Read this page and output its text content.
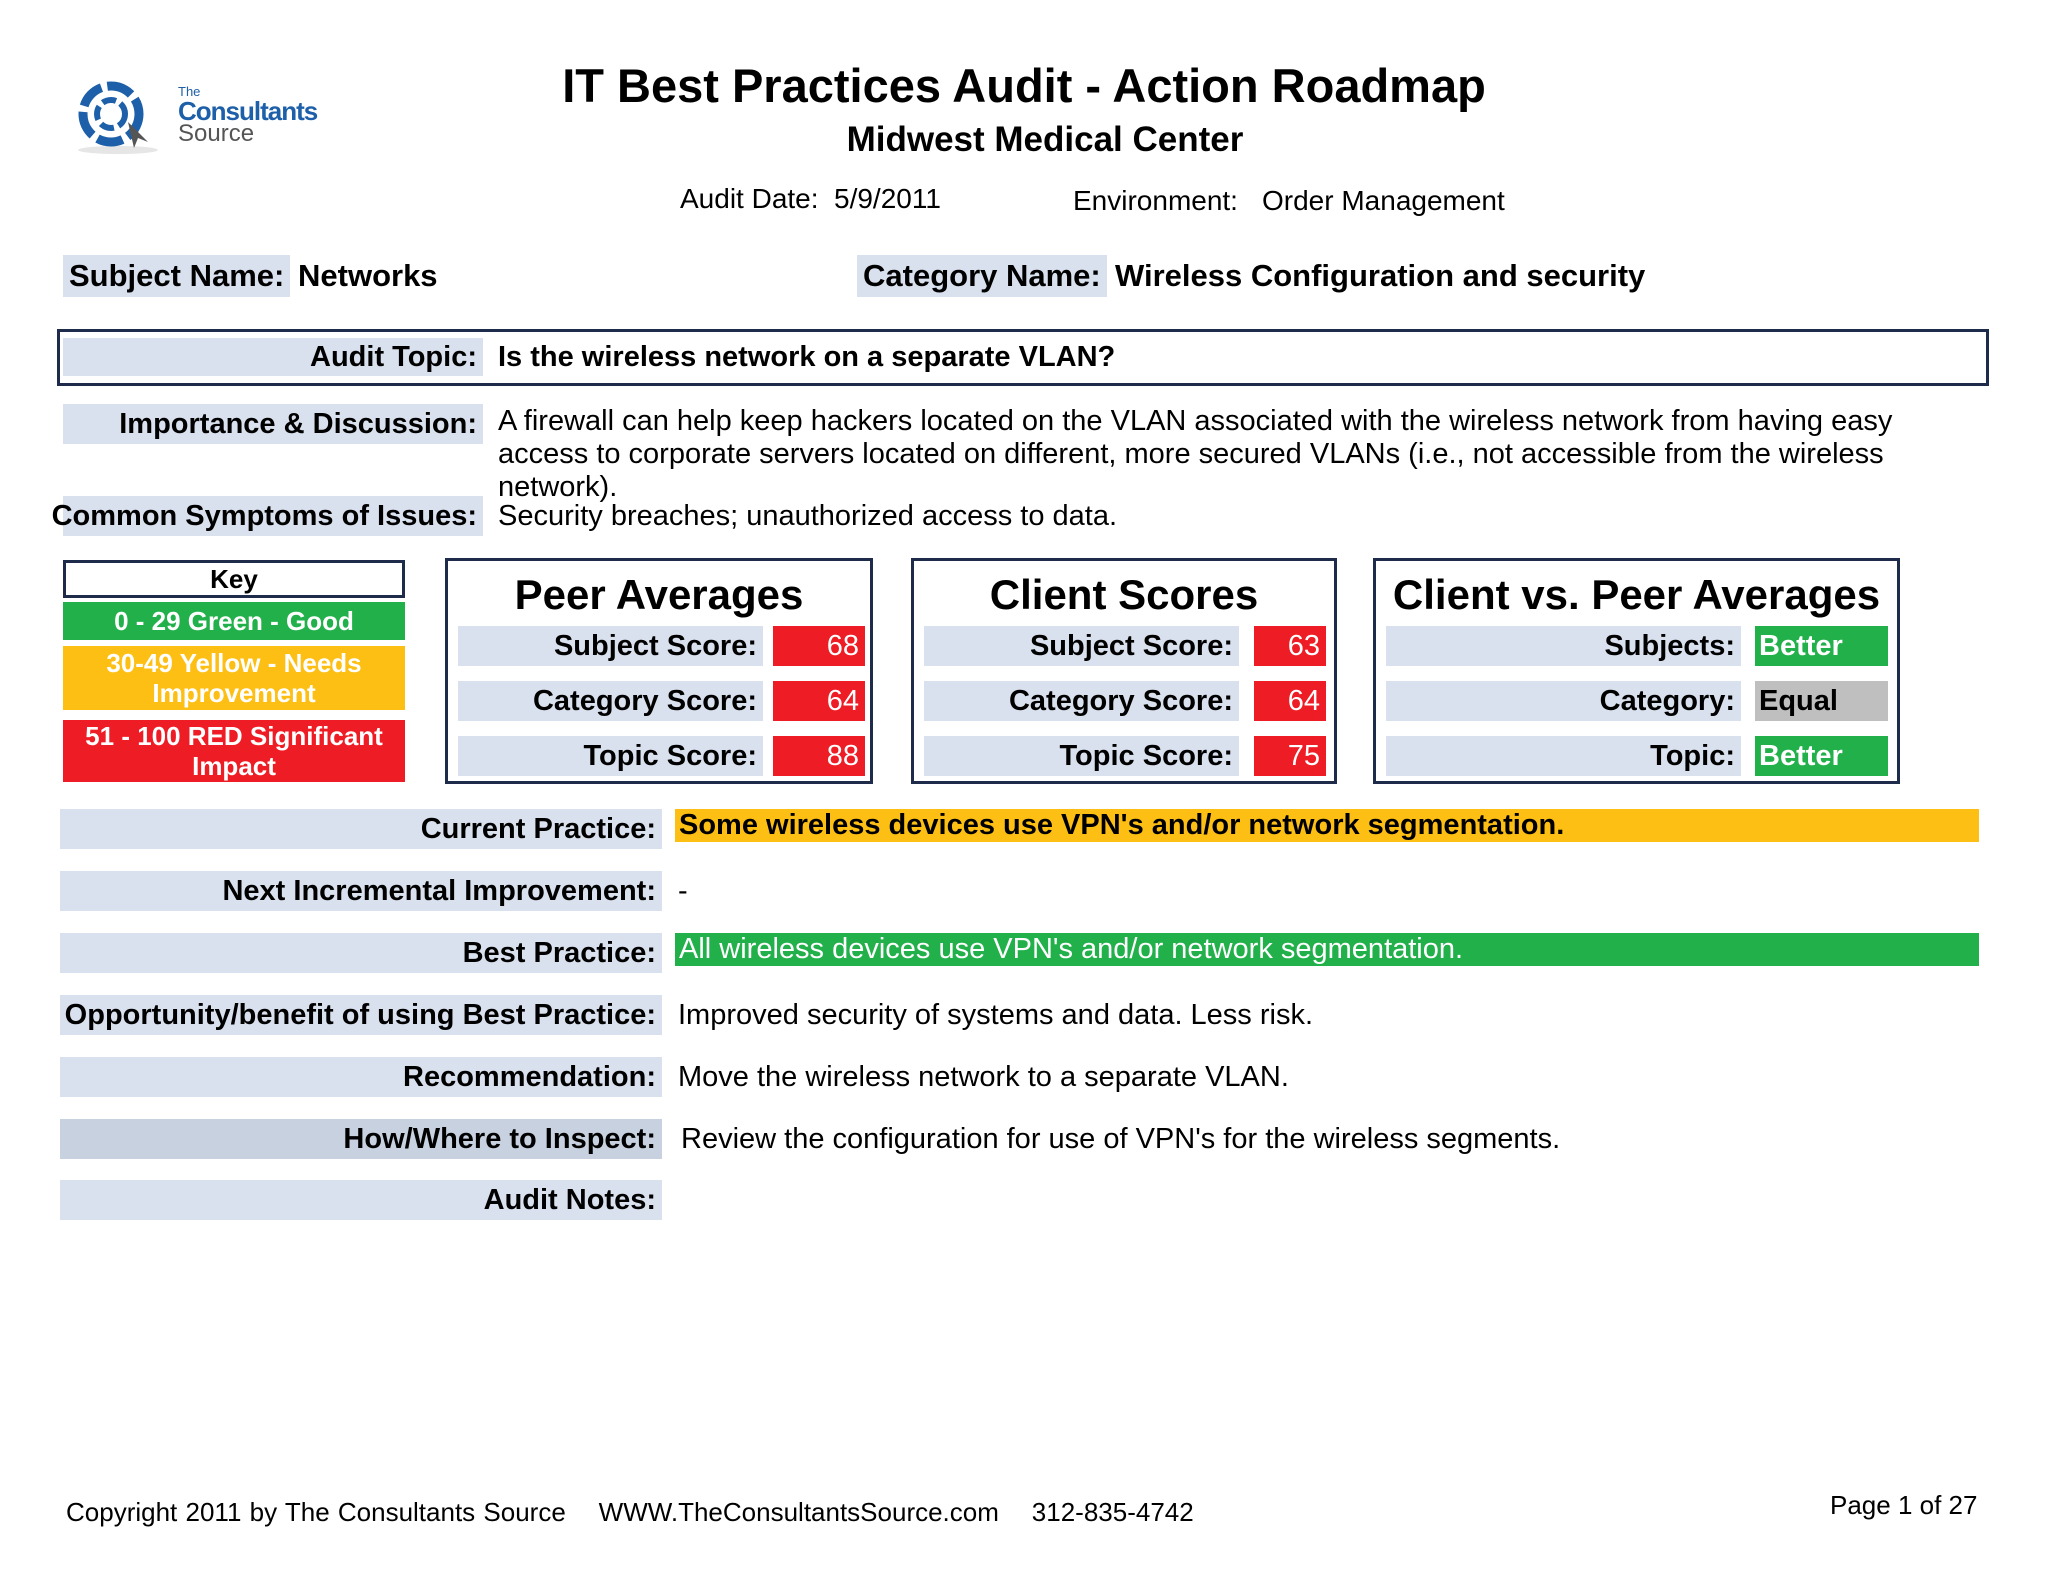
The
Consultants
Source
IT Best Practices Audit - Action Roadmap
Midwest Medical Center
Audit Date: 5/9/2011	Environment: Order Management
Subject Name: Networks	Category Name: Wireless Configuration and security
Audit Topic: Is the wireless network on a separate VLAN?
Importance & Discussion: A firewall can help keep hackers located on the VLAN associated with the wireless network from having easy access to corporate servers located on different, more secured VLANs (i.e., not accessible from the wireless network).
Common Symptoms of Issues: Security breaches; unauthorized access to data.
Key
0 - 29 Green - Good
30-49 Yellow - Needs Improvement
51 - 100 RED Significant Impact
Peer Averages
Subject Score:	68
Category Score:	64
Topic Score:	88
Client Scores
Subject Score:	63
Category Score:	64
Topic Score:	75
Client vs. Peer Averages
Subjects: Better
Category: Equal
Topic: Better
Current Practice: Some wireless devices use VPN's and/or network segmentation.
Next Incremental Improvement: -
Best Practice: All wireless devices use VPN's and/or network segmentation.
Opportunity/benefit of using Best Practice: Improved security of systems and data. Less risk.
Recommendation: Move the wireless network to a separate VLAN.
How/Where to Inspect: Review the configuration for use of VPN's for the wireless segments.
Audit Notes:
Copyright 2011 by The Consultants Source    WWW.TheConsultantsSource.com    312-835-4742	Page 1 of 27
